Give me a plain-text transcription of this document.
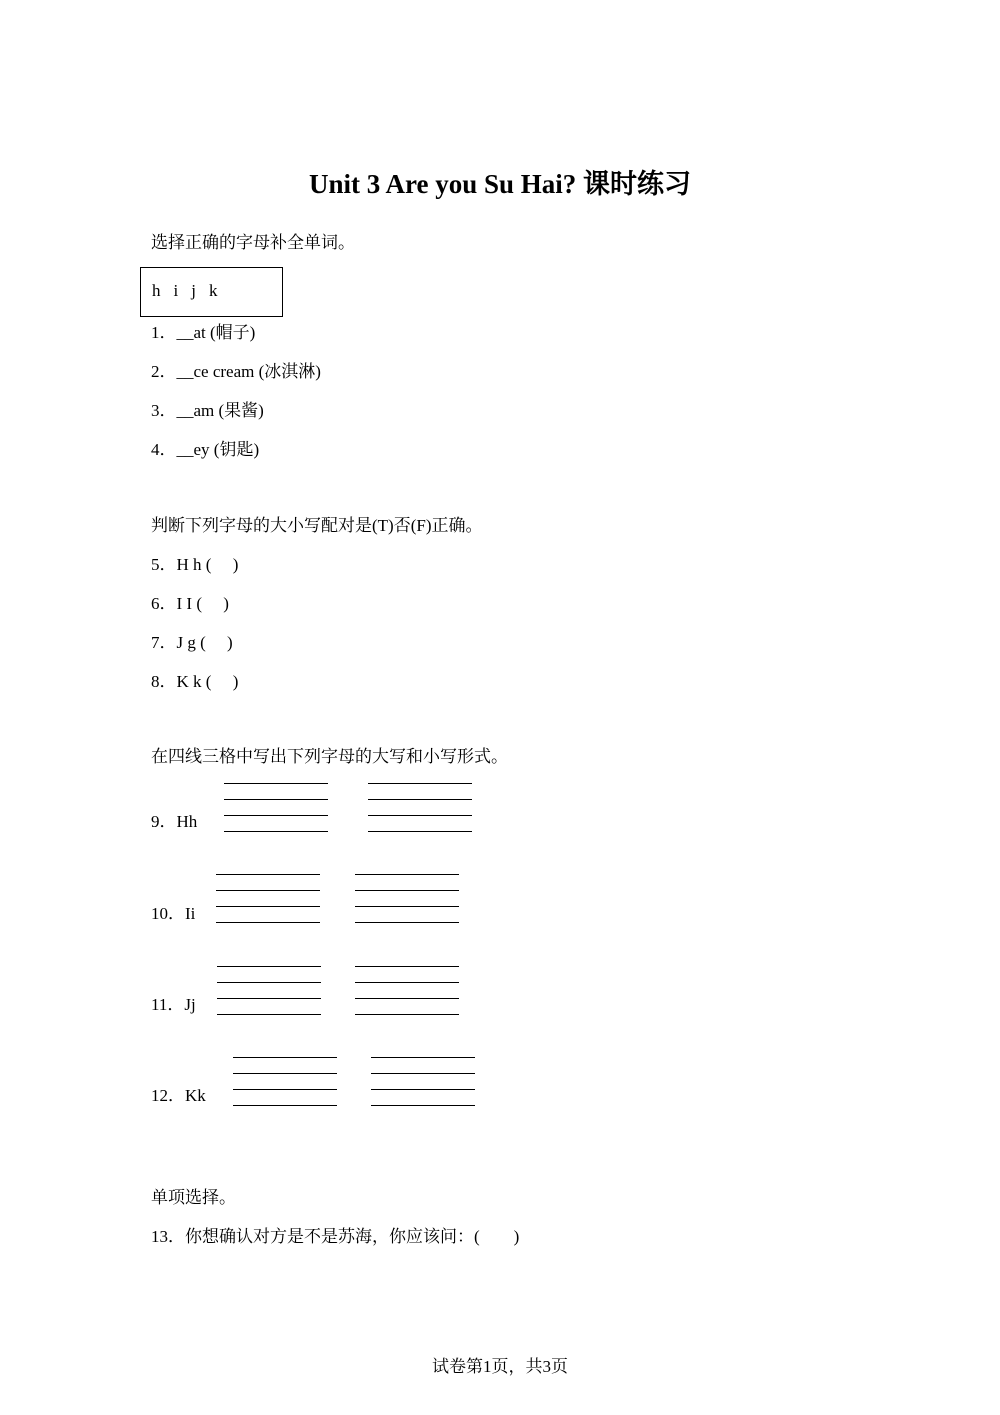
Unit 3 Are you Su Hai? 课时练习
选择正确的字母补全单词。
h i j k
1．__at (帽子)
2．__ce cream (冰淇淋)
3．__am (果酱)
4．__ey (钥匙)
判断下列字母的大小写配对是(T)否(F)正确。
5．H h (　 )
6．I I (　 )
7．J g (　 )
8．K k (　 )
在四线三格中写出下列字母的大写和小写形式。
9．Hh
10．Ii
11．Jj
12．Kk
单项选择。
13．你想确认对方是不是苏海，你应该问：(　　)
试卷第1页，共3页
